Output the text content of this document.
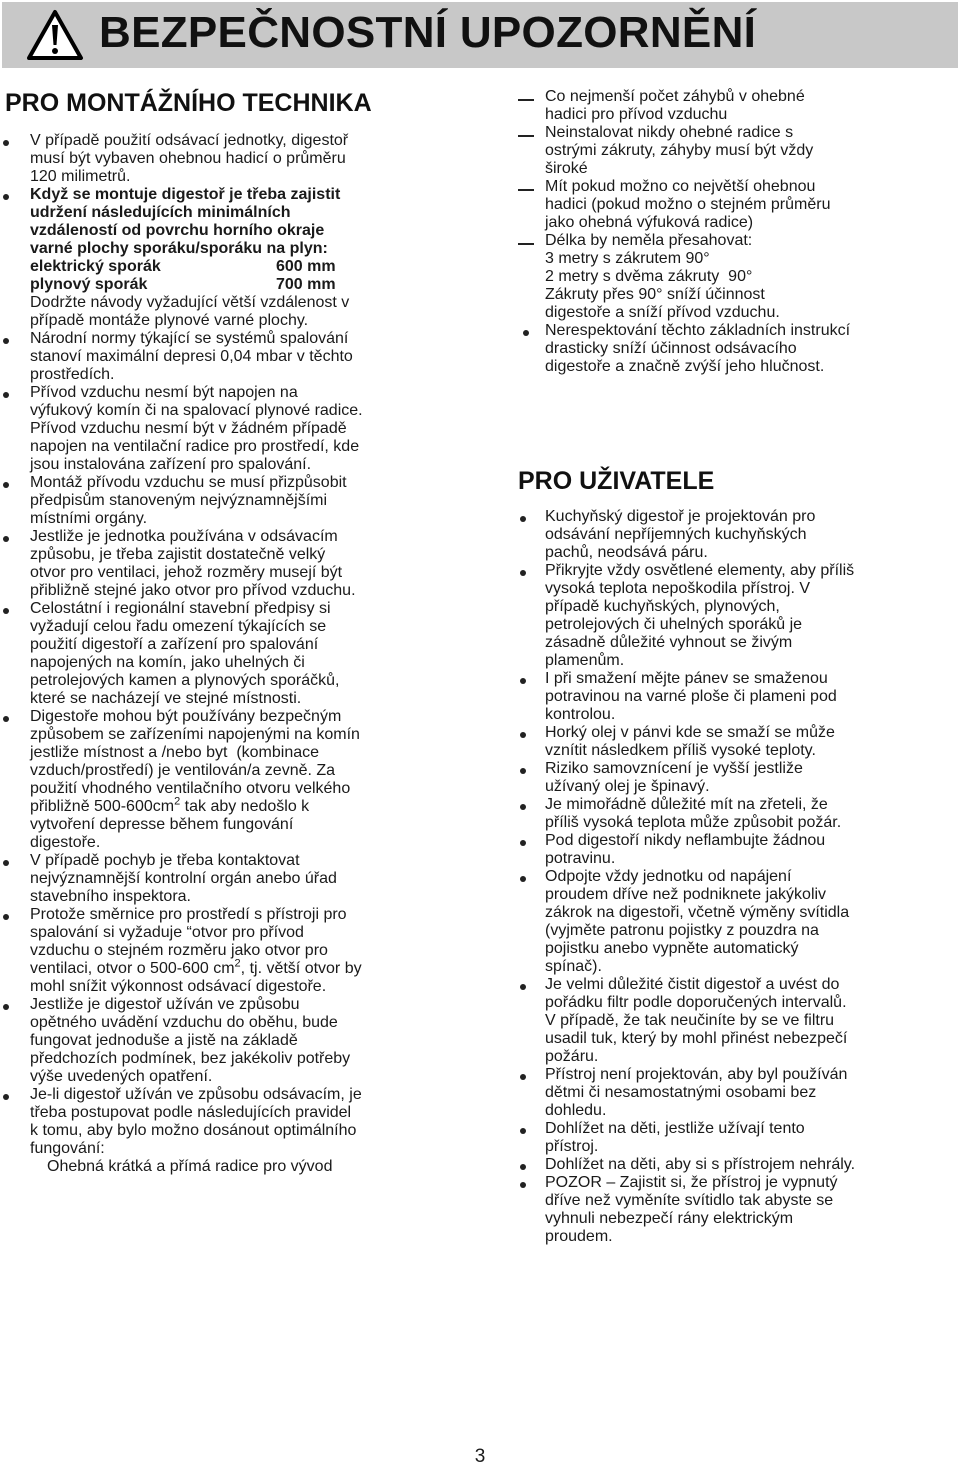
BEZPEČNOSTNÍ UPOZORNĚNÍ
PRO MONTÁŽNÍHO TECHNIKA
V případě použití odsávací jednotky, digestoř
musí být vybaven ohebnou hadicí o průměru
120 milimetrů.
Když se montuje digestoř je třeba zajistit
udržení následujících minimálních
vzdáleností od povrchu horního okraje
varné plochy sporáku/sporáku na plyn:
elektrický sporák	600 mm
plynový sporák	700 mm
Dodržte návody vyžadující větší vzdálenost v
případě montáže plynové varné plochy.
Národní normy týkající se systémů spalování
stanoví maximální depresi 0,04 mbar v těchto
prostředích.
Přívod vzduchu nesmí být napojen na
výfukový komín či na spalovací plynové radice.
Přívod vzduchu nesmí být v žádném případě
napojen na ventilační radice pro prostředí, kde
jsou instalována zařízení pro spalování.
Montáž přívodu vzduchu se musí přizpůsobit
předpisům stanoveným nejvýznamnějšími
místními orgány.
Jestliže je jednotka používána v odsávacím
způsobu, je třeba zajistit dostatečně velký
otvor pro ventilaci, jehož rozměry musejí být
přibližně stejné jako otvor pro přívod vzduchu.
Celostátní i regionální stavební předpisy si
vyžadují celou řadu omezení týkajících se
použití digestoří a zařízení pro spalování
napojených na komín, jako uhelných či
petrolejových kamen a plynových sporáčků,
které se nacházejí ve stejné místnosti.
Digestoře mohou být používány bezpečným
způsobem se zařízeními napojenými na komín
jestliže místnost a /nebo byt  (kombinace
vzduch/prostředí) je ventilován/a zevně. Za
použití vhodného ventilačního otvoru velkého
přibližně $500-600cm^2$ tak aby nedošlo k
vytvoření depresse během fungování
digestoře.
V případě pochyb je třeba kontaktovat
nejvýznamnější kontrolní orgán anebo úřad
stavebního inspektora.
Protože směrnice pro prostředí s přístroji pro
spalování si vyžaduje “otvor pro přívod
vzduchu o stejném rozměru jako otvor pro
ventilaci, otvor o 500-600 $cm^2$, tj. větší otvor by
mohl snížit výkonnost odsávací digestoře.
Jestliže je digestoř užíván ve způsobu
opětného uvádění vzduchu do oběhu, bude
fungovat jednoduše a jistě na základě
předchozích podmínek, bez jakékoliv potřeby
výše uvedených opatření.
Je-li digestoř užíván ve způsobu odsávacím, je
třeba postupovat podle následujících pravidel
k tomu, aby bylo možno dosánout optimálního
fungování:
Ohebná krátká a přímá radice pro vývod
Co nejmenší počet záhybů v ohebné
hadici pro přívod vzduchu
Neinstalovat nikdy ohebné radice s
ostrými zákruty, záhyby musí být vždy
široké
Mít pokud možno co největší ohebnou
hadici (pokud možno o stejném průměru
jako ohebná výfuková radice)
Délka by neměla přesahovat:
3 metry s zákrutem 90°
2 metry s dvěma zákruty  90°
Zákruty přes 90° sníží účinnost
digestoře a sníží přívod vzduchu.
Nerespektování těchto základních instrukcí
drasticky sníží účinnost odsávacího
digestoře a značně zvýší jeho hlučnost.
PRO UŽIVATELE
Kuchyňský digestoř je projektován pro
odsávání nepříjemných kuchyňských
pachů, neodsává páru.
Přikryjte vždy osvětlené elementy, aby příliš
vysoká teplota nepoškodila přístroj. V
případě kuchyňských, plynových,
petrolejových či uhelných sporáků je
zásadně důležité vyhnout se živým
plamenům.
I při smažení mějte pánev se smaženou
potravinou na varné ploše či plameni pod
kontrolou.
Horký olej v pánvi kde se smaží se může
vznítit následkem příliš vysoké teploty.
Riziko samovznícení je vyšší jestliže
užívaný olej je špinavý.
Je mimořádně důležité mít na zřeteli, že
příliš vysoká teplota může způsobit požár.
Pod digestoří nikdy neflambujte žádnou
potravinu.
Odpojte vždy jednotku od napájení
proudem dříve než podniknete jakýkoliv
zákrok na digestoři, včetně výměny svítidla
(vyjměte patronu pojistky z pouzdra na
pojistku anebo vypněte automatický
spínač).
Je velmi důležité čistit digestoř a uvést do
pořádku filtr podle doporučených intervalů.
V případě, že tak neučiníte by se ve filtru
usadil tuk, který by mohl přinést nebezpečí
požáru.
Přístroj není projektován, aby byl používán
dětmi či nesamostatnými osobami bez
dohledu.
Dohlížet na děti, jestliže užívají tento
přístroj.
Dohlížet na děti, aby si s přístrojem nehrály.
POZOR – Zajistit si, že přístroj je vypnutý
dříve než vyměníte svítidlo tak abyste se
vyhnuli nebezpečí rány elektrickým
proudem.
3
